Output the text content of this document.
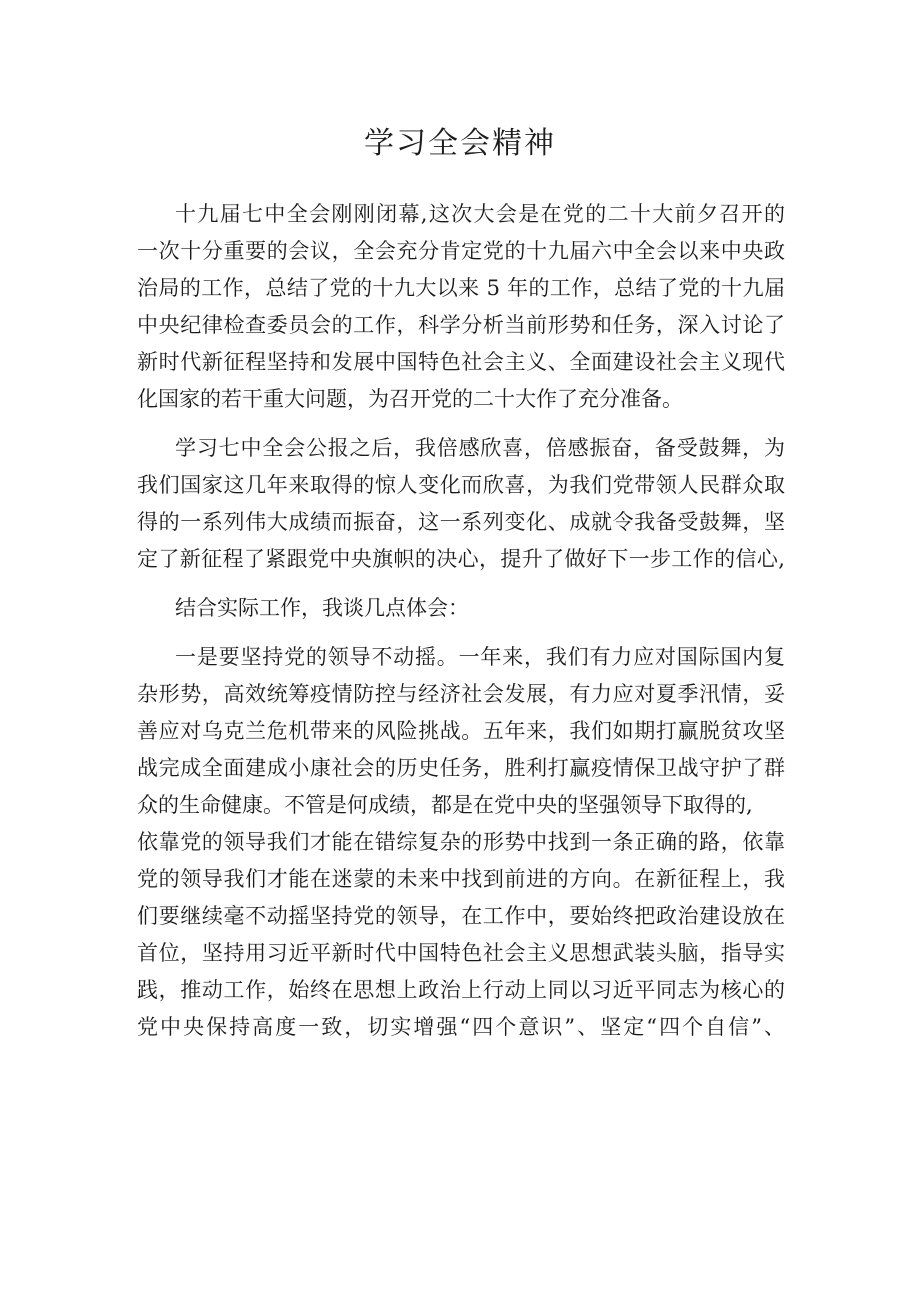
学习全会精神
十九届七中全会刚刚闭幕,这次大会是在党的二十大前夕召开的
一次十分重要的会议，全会充分肯定党的十九届六中全会以来中央政
治局的工作，总结了党的十九大以来 5 年的工作，总结了党的十九届
中央纪律检查委员会的工作，科学分析当前形势和任务，深入讨论了
新时代新征程坚持和发展中国特色社会主义、全面建设社会主义现代
化国家的若干重大问题，为召开党的二十大作了充分准备。
学习七中全会公报之后，我倍感欣喜，倍感振奋，备受鼓舞，为
我们国家这几年来取得的惊人变化而欣喜，为我们党带领人民群众取
得的一系列伟大成绩而振奋，这一系列变化、成就令我备受鼓舞，坚
定了新征程了紧跟党中央旗帜的决心，提升了做好下一步工作的信心,
结合实际工作，我谈几点体会：
一是要坚持党的领导不动摇。一年来，我们有力应对国际国内复
杂形势，高效统筹疫情防控与经济社会发展，有力应对夏季汛情，妥
善应对乌克兰危机带来的风险挑战。五年来，我们如期打赢脱贫攻坚
战完成全面建成小康社会的历史任务，胜利打赢疫情保卫战守护了群
众的生命健康。不管是何成绩，都是在党中央的坚强领导下取得的,
依靠党的领导我们才能在错综复杂的形势中找到一条正确的路，依靠
党的领导我们才能在迷蒙的未来中找到前进的方向。在新征程上，我
们要继续毫不动摇坚持党的领导，在工作中，要始终把政治建设放在
首位，坚持用习近平新时代中国特色社会主义思想武装头脑，指导实
践，推动工作，始终在思想上政治上行动上同以习近平同志为核心的
党中央保持高度一致，切实增强“四个意识”、坚定“四个自信”、
